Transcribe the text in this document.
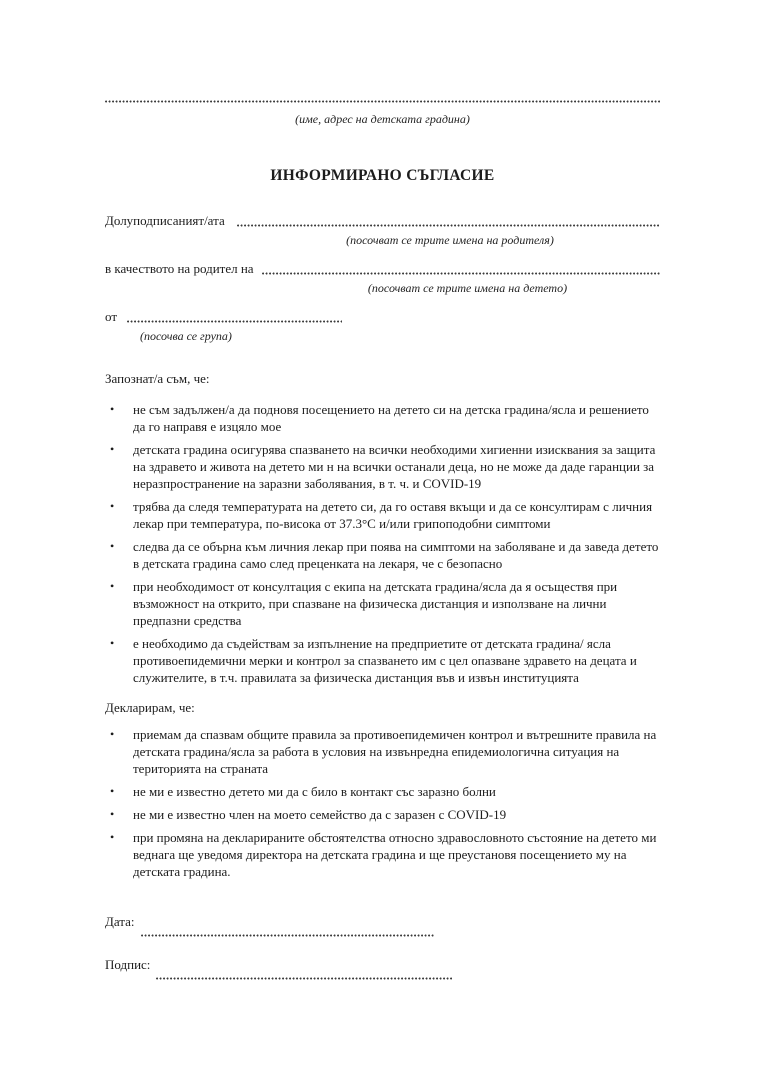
(име, адрес на детската градина)
ИНФОРМИРАНО СЪГЛАСИЕ
Долуподписаният/ата
(посочват се трите имена на родителя)
в качеството на родител на
(посочват се трите имена на детето)
от
(посочва се група)
Запознат/а съм, че:
• не съм задължен/а да подновя посещението на детето си на детска градина/ясла и решението да го направя е изцяло мое
• детската градина осигурява спазването на всички необходими хигиенни изисквания за защита на здравето и живота на детето ми н на всички останали деца, но не може да даде гаранции за неразпространение на заразни заболявания, в т. ч. и COVID-19
• трябва да следя температурата на детето си, да го оставя вкъщи и да се консултирам с личния лекар при температура, по-висока от 37.3°С и/или грипоподобни симптоми
• следва да се обърна към личния лекар при поява на симптоми на заболяване и да заведа детето в детската градина само след преценката на лекаря, че с безопасно
• при необходимост от консултация с екипа на детската градина/ясла да я осъществя при възможност на открито, при спазване на физическа дистанция и използване на лични предпазни средства
• е необходимо да съдействам за изпълнение на предприетите от детската градина/ ясла противоепидемични мерки и контрол за спазването им с цел опазване здравето на децата и служителите, в т.ч. правилата за физическа дистанция във и извън институцията
Декларирам, че:
• приемам да спазвам общите правила за противоепидемичен контрол и вътрешните правила на детската градина/ясла за работа в условия на извънредна епидемиологична ситуация на територията на страната
• не ми е известно детето ми да с било в контакт със заразно болни
• не ми е известно член на моето семейство да с заразен с COVID-19
• при промяна на декларираните обстоятелства относно здравословното състояние на детето ми веднага ще уведомя директора на детската градина и ще преустановя посещението му на детската градина.
Дата:
Подпис:
